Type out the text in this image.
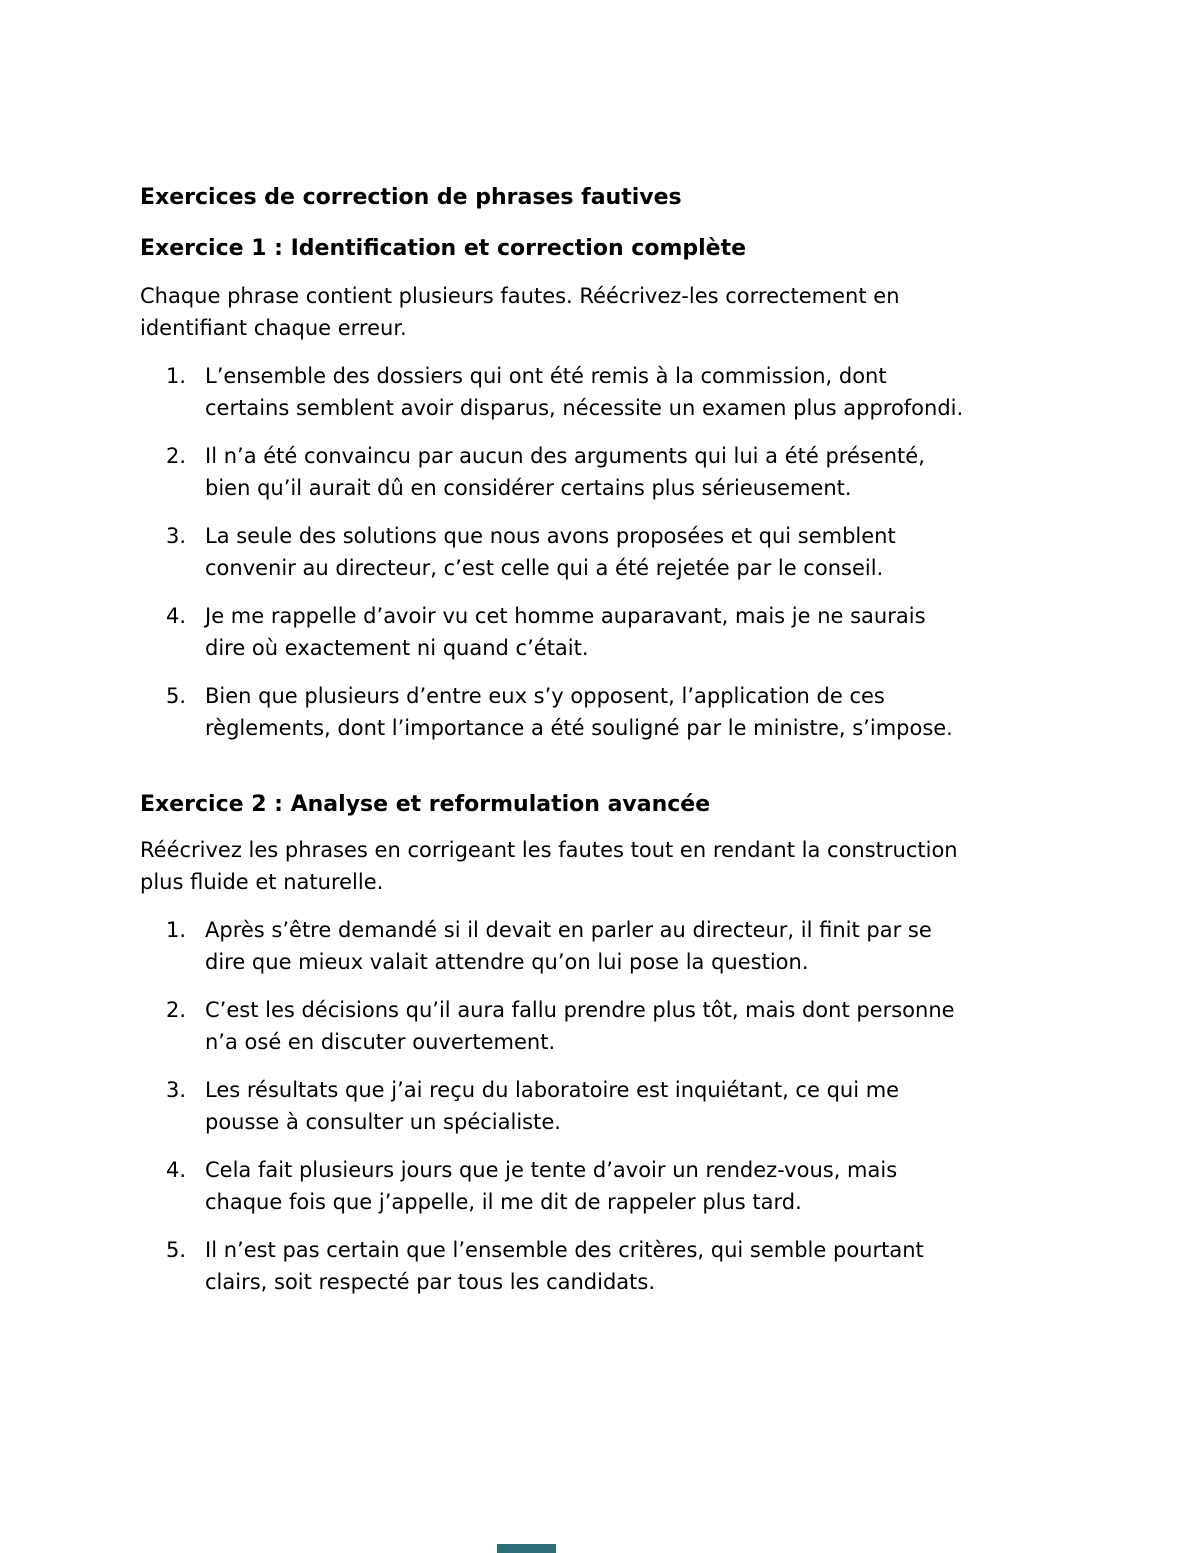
Exercices de correction de phrases fautives
Exercice 1 : Identification et correction complète

Chaque phrase contient plusieurs fautes. Réécrivez-les correctement en
identifiant chaque erreur.

1. L’ensemble des dossiers qui ont été remis à la commission, dont
certains semblent avoir disparus, nécessite un examen plus approfondi.
2. Il n’a été convaincu par aucun des arguments qui lui a été présenté,
bien qu’il aurait dû en considérer certains plus sérieusement.
3. La seule des solutions que nous avons proposées et qui semblent
convenir au directeur, c’est celle qui a été rejetée par le conseil.
4. Je me rappelle d’avoir vu cet homme auparavant, mais je ne saurais
dire où exactement ni quand c’était.
5. Bien que plusieurs d’entre eux s’y opposent, l’application de ces
règlements, dont l’importance a été souligné par le ministre, s’impose.
Exercice 2 : Analyse et reformulation avancée

Réécrivez les phrases en corrigeant les fautes tout en rendant la construction
plus fluide et naturelle.

1. Après s’être demandé si il devait en parler au directeur, il finit par se
dire que mieux valait attendre qu’on lui pose la question.
2. C’est les décisions qu’il aura fallu prendre plus tôt, mais dont personne
n’a osé en discuter ouvertement.
3. Les résultats que j’ai reçu du laboratoire est inquiétant, ce qui me
pousse à consulter un spécialiste.
4. Cela fait plusieurs jours que je tente d’avoir un rendez-vous, mais
chaque fois que j’appelle, il me dit de rappeler plus tard.
5. Il n’est pas certain que l’ensemble des critères, qui semble pourtant
clairs, soit respecté par tous les candidats.
